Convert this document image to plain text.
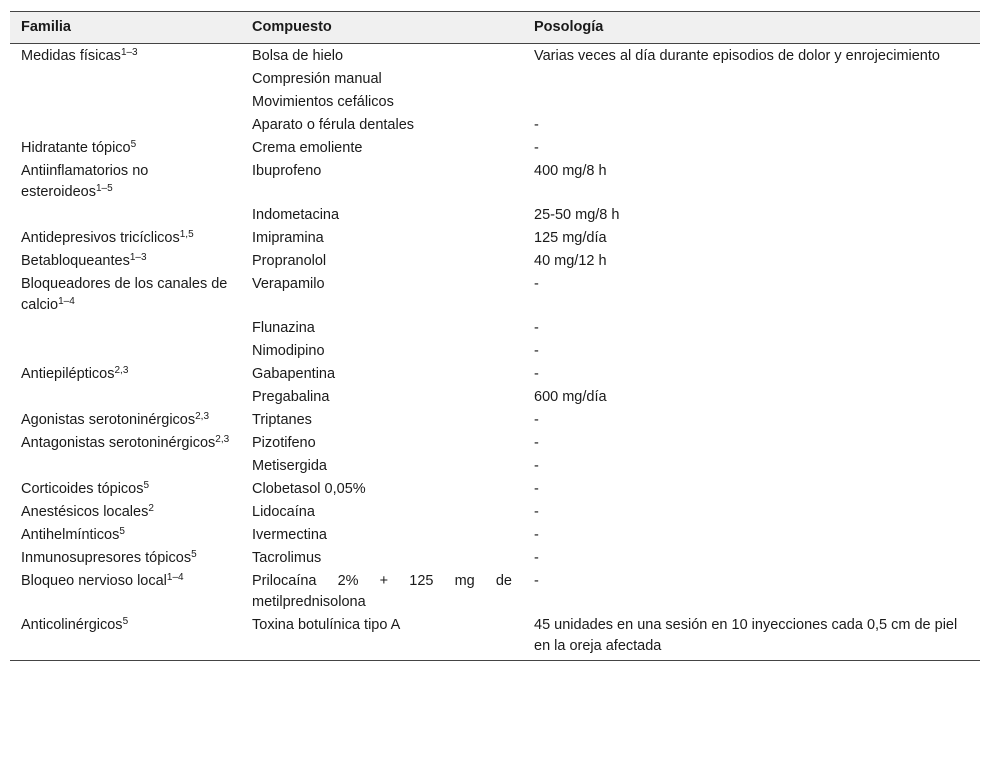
Familia	Compuesto	Posología
Medidas físicas$^{1-3}$	Bolsa de hielo	Varias veces al día durante episodios de dolor y enrojecimiento
	Compresión manual	
	Movimientos cefálicos	
	Aparato o férula dentales	-
Hidratante tópico$^5$	Crema emoliente	-
Antiinflamatorios no esteroideos$^{1-5}$	Ibuprofeno	400 mg/8 h
	Indometacina	25-50 mg/8 h
Antidepresivos tricíclicos$^{1,5}$	Imipramina	125 mg/día
Betabloqueantes$^{1-3}$	Propranolol	40 mg/12 h
Bloqueadores de los canales de calcio$^{1-4}$	Verapamilo	-
	Flunazina	-
	Nimodipino	-
Antiepilépticos$^{2,3}$	Gabapentina	-
	Pregabalina	600 mg/día
Agonistas serotoninérgicos$^{2,3}$	Triptanes	-
Antagonistas serotoninérgicos$^{2,3}$	Pizotifeno	-
	Metisergida	-
Corticoides tópicos$^5$	Clobetasol 0,05%	-
Anestésicos locales$^2$	Lidocaína	-
Antihelmínticos$^5$	Ivermectina	-
Inmunosupresores tópicos$^5$	Tacrolimus	-
Bloqueo nervioso local$^{1-4}$	Prilocaína 2% + 125 mg de metilprednisolona	-
Anticolinérgicos$^5$	Toxina botulínica tipo A	45 unidades en una sesión en 10 inyecciones cada 0,5 cm de piel en la oreja afectada
